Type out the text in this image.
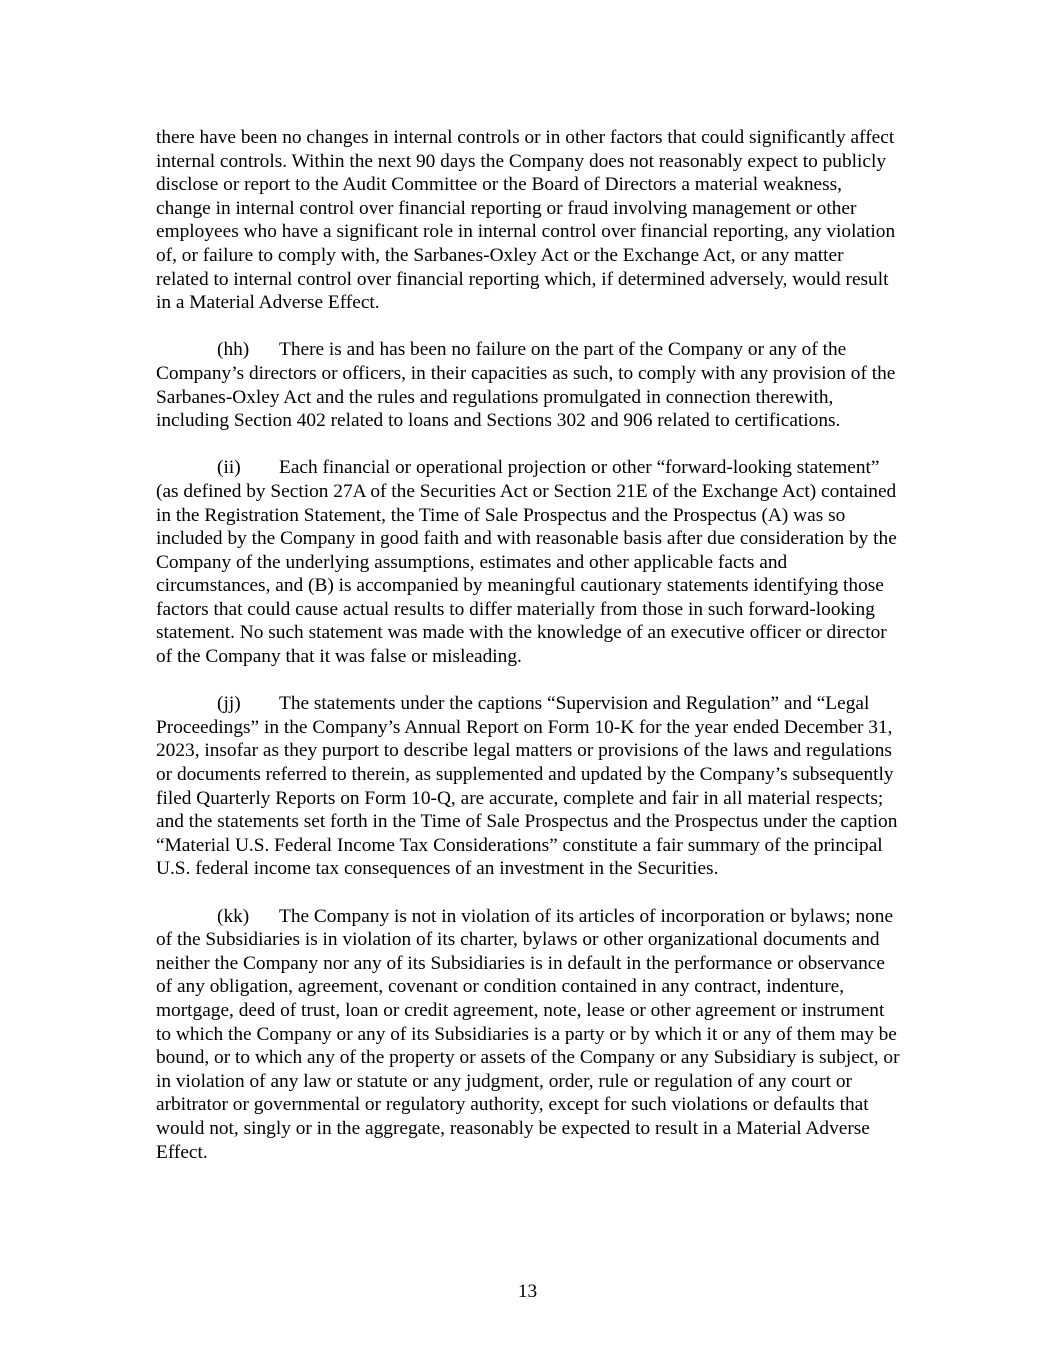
there have been no changes in internal controls or in other factors that could significantly affect internal controls. Within the next 90 days the Company does not reasonably expect to publicly disclose or report to the Audit Committee or the Board of Directors a material weakness, change in internal control over financial reporting or fraud involving management or other employees who have a significant role in internal control over financial reporting, any violation of, or failure to comply with, the Sarbanes-Oxley Act or the Exchange Act, or any matter related to internal control over financial reporting which, if determined adversely, would result in a Material Adverse Effect.

(hh) There is and has been no failure on the part of the Company or any of the Company’s directors or officers, in their capacities as such, to comply with any provision of the Sarbanes-Oxley Act and the rules and regulations promulgated in connection therewith, including Section 402 related to loans and Sections 302 and 906 related to certifications.

(ii) Each financial or operational projection or other “forward-looking statement” (as defined by Section 27A of the Securities Act or Section 21E of the Exchange Act) contained in the Registration Statement, the Time of Sale Prospectus and the Prospectus (A) was so included by the Company in good faith and with reasonable basis after due consideration by the Company of the underlying assumptions, estimates and other applicable facts and circumstances, and (B) is accompanied by meaningful cautionary statements identifying those factors that could cause actual results to differ materially from those in such forward-looking statement. No such statement was made with the knowledge of an executive officer or director of the Company that it was false or misleading.

(jj) The statements under the captions “Supervision and Regulation” and “Legal Proceedings” in the Company’s Annual Report on Form 10-K for the year ended December 31, 2023, insofar as they purport to describe legal matters or provisions of the laws and regulations or documents referred to therein, as supplemented and updated by the Company’s subsequently filed Quarterly Reports on Form 10-Q, are accurate, complete and fair in all material respects; and the statements set forth in the Time of Sale Prospectus and the Prospectus under the caption “Material U.S. Federal Income Tax Considerations” constitute a fair summary of the principal U.S. federal income tax consequences of an investment in the Securities.

(kk) The Company is not in violation of its articles of incorporation or bylaws; none of the Subsidiaries is in violation of its charter, bylaws or other organizational documents and neither the Company nor any of its Subsidiaries is in default in the performance or observance of any obligation, agreement, covenant or condition contained in any contract, indenture, mortgage, deed of trust, loan or credit agreement, note, lease or other agreement or instrument to which the Company or any of its Subsidiaries is a party or by which it or any of them may be bound, or to which any of the property or assets of the Company or any Subsidiary is subject, or in violation of any law or statute or any judgment, order, rule or regulation of any court or arbitrator or governmental or regulatory authority, except for such violations or defaults that would not, singly or in the aggregate, reasonably be expected to result in a Material Adverse Effect.

13
